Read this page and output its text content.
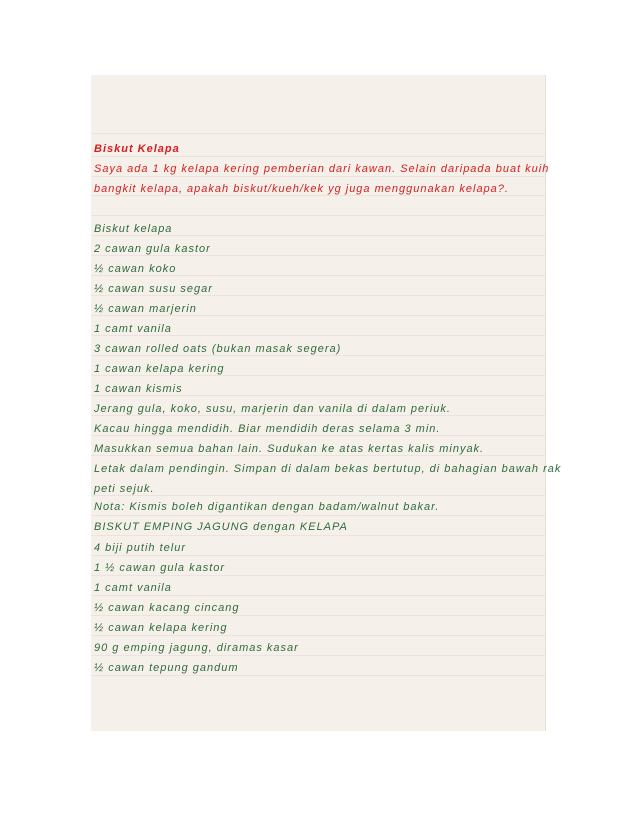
Biskut Kelapa
Saya ada 1 kg kelapa kering pemberian dari kawan. Selain daripada buat kuih
bangkit kelapa, apakah biskut/kueh/kek yg juga menggunakan kelapa?.
Biskut kelapa
2 cawan gula kastor
½ cawan koko
½ cawan susu segar
½ cawan marjerin
1 camt vanila
3 cawan rolled oats (bukan masak segera)
1 cawan kelapa kering
1 cawan kismis
Jerang gula, koko, susu, marjerin dan vanila di dalam periuk.
Kacau hingga mendidih. Biar mendidih deras selama 3 min.
Masukkan semua bahan lain. Sudukan ke atas kertas kalis minyak.
Letak dalam pendingin. Simpan di dalam bekas bertutup, di bahagian bawah rak
peti sejuk.
Nota: Kismis boleh digantikan dengan badam/walnut bakar.
BISKUT EMPING JAGUNG dengan KELAPA
4 biji putih telur
1 ½ cawan gula kastor
1 camt vanila
½ cawan kacang cincang
½ cawan kelapa kering
90 g emping jagung, diramas kasar
½ cawan tepung gandum
